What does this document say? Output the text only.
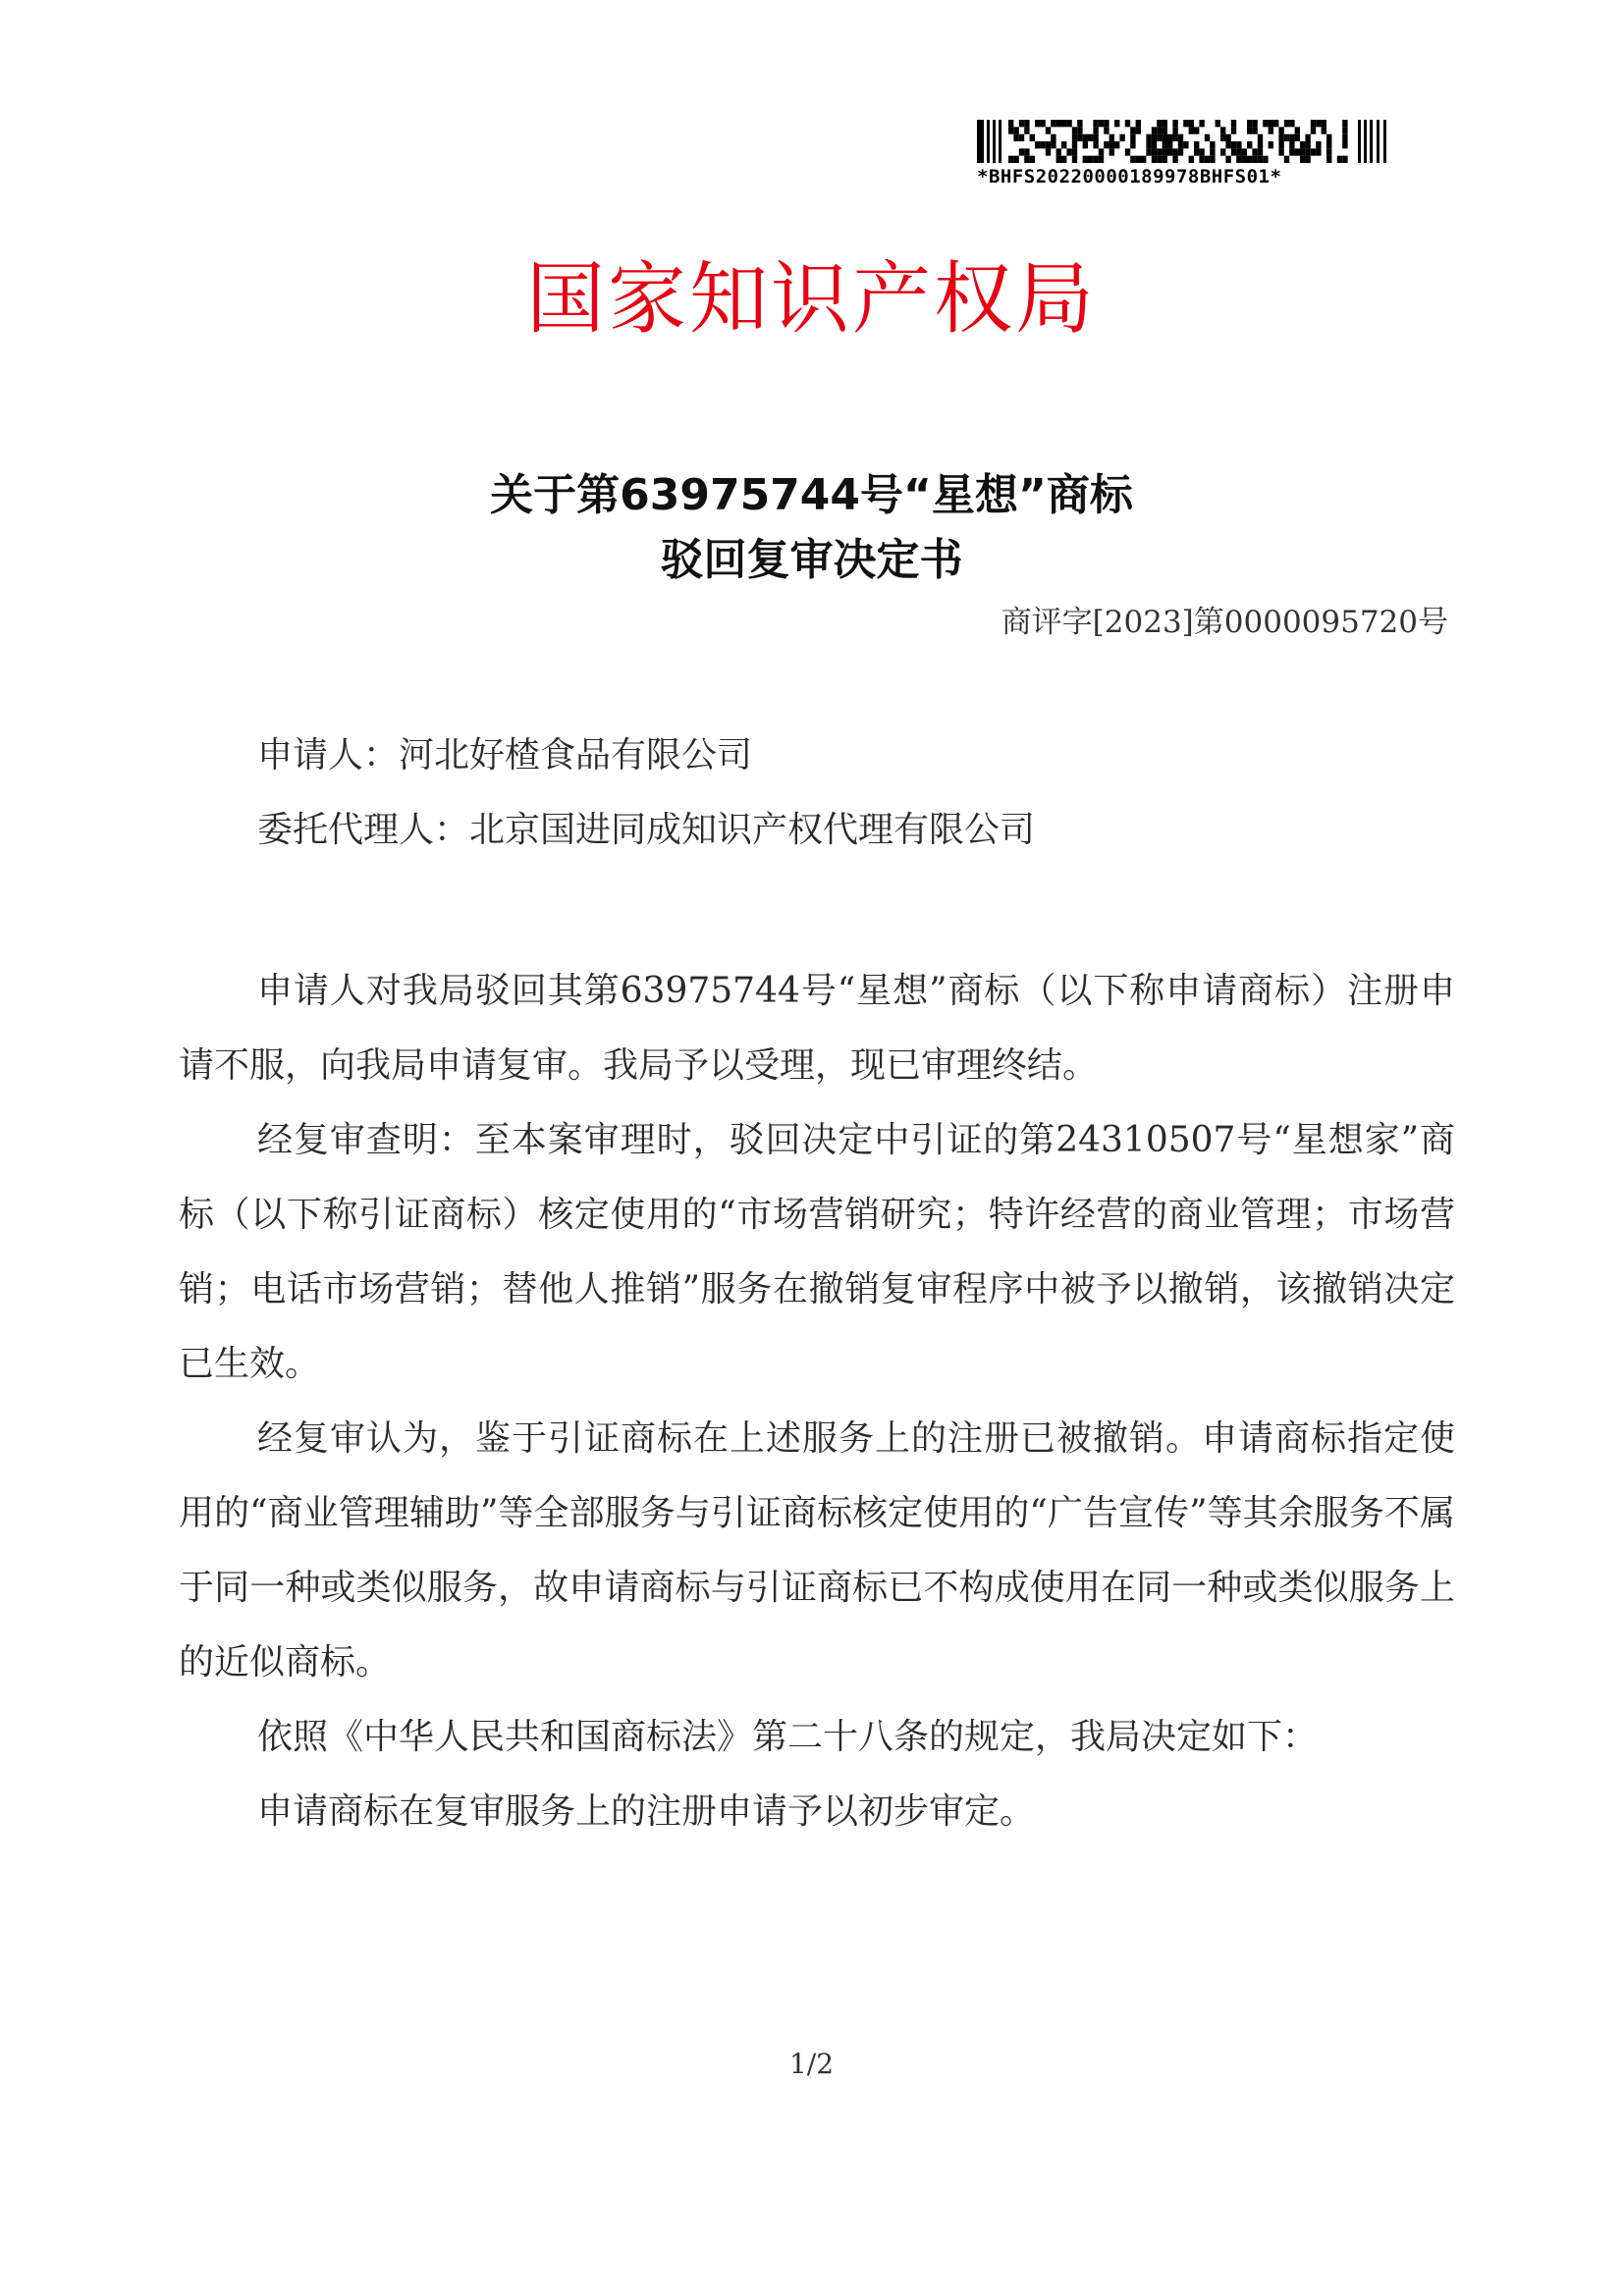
*BHFS20220000189978BHFS01*
国家知识产权局
关于第63975744号“星想”商标
驳回复审决定书
商评字[2023]第0000095720号
申请人：河北好楂食品有限公司
委托代理人：北京国进同成知识产权代理有限公司

申请人对我局驳回其第63975744号“星想”商标（以下称申请商标）注册申请不服，向我局申请复审。我局予以受理，现已审理终结。

经复审查明：至本案审理时，驳回决定中引证的第24310507号“星想家”商标（以下称引证商标）核定使用的“市场营销研究；特许经营的商业管理；市场营销；电话市场营销；替他人推销”服务在撤销复审程序中被予以撤销，该撤销决定已生效。

经复审认为，鉴于引证商标在上述服务上的注册已被撤销。申请商标指定使用的“商业管理辅助”等全部服务与引证商标核定使用的“广告宣传”等其余服务不属于同一种或类似服务，故申请商标与引证商标已不构成使用在同一种或类似服务上的近似商标。

依照《中华人民共和国商标法》第二十八条的规定，我局决定如下：

申请商标在复审服务上的注册申请予以初步审定。

1/2
